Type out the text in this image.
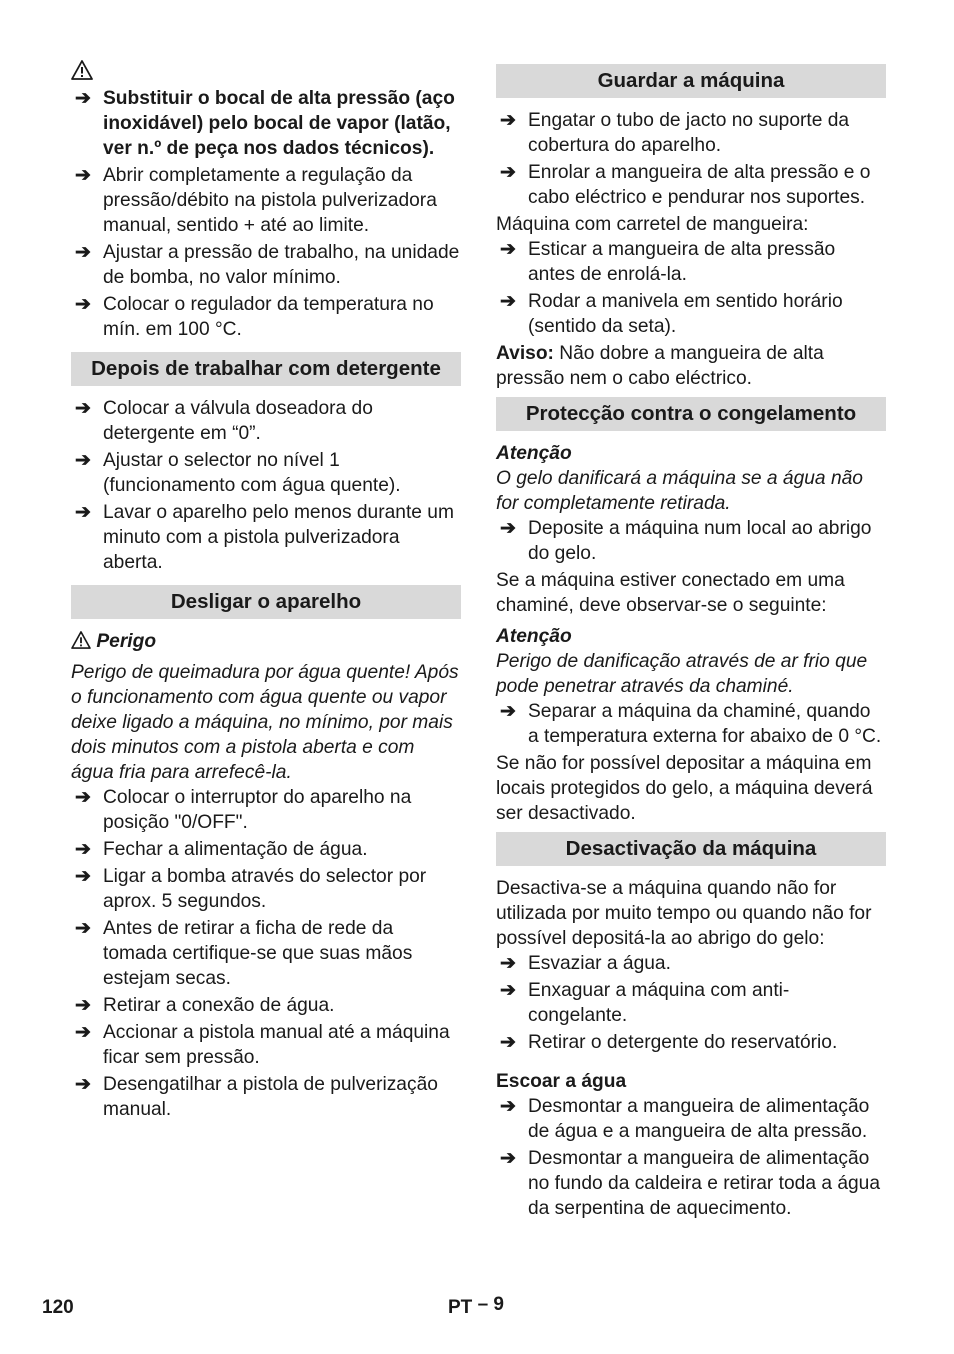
➔ Substituir o bocal de alta pressão (aço inoxidável) pelo bocal de vapor (latão, ver n.º de peça nos dados técnicos).
➔ Abrir completamente a regulação da pressão/débito na pistola pulverizadora manual, sentido + até ao limite.
➔ Ajustar a pressão de trabalho, na unidade de bomba, no valor mínimo.
➔ Colocar o regulador da temperatura no mín. em 100 °C.
Depois de trabalhar com detergente
➔ Colocar a válvula doseadora do detergente em “0”.
➔ Ajustar o selector no nível 1 (funcionamento com água quente).
➔ Lavar o aparelho pelo menos durante um minuto com a pistola pulverizadora aberta.
Desligar o aparelho
Perigo
Perigo de queimadura por água quente! Após o funcionamento com água quente ou vapor deixe ligado a máquina, no mínimo, por mais dois minutos com a pistola aberta e com água fria para arrefecê-la.
➔ Colocar o interruptor do aparelho na posição "0/OFF".
➔ Fechar a alimentação de água.
➔ Ligar a bomba através do selector por aprox. 5 segundos.
➔ Antes de retirar a ficha de rede da tomada certifique-se que suas mãos estejam secas.
➔ Retirar a conexão de água.
➔ Accionar a pistola manual até a máquina ficar sem pressão.
➔ Desengatilhar a pistola de pulverização manual.
Guardar a máquina
➔ Engatar o tubo de jacto no suporte da cobertura do aparelho.
➔ Enrolar a mangueira de alta pressão e o cabo eléctrico e pendurar nos suportes.
Máquina com carretel de mangueira:
➔ Esticar a mangueira de alta pressão antes de enrolá-la.
➔ Rodar a manivela em sentido horário (sentido da seta).
Aviso: Não dobre a mangueira de alta pressão nem o cabo eléctrico.
Protecção contra o congelamento
Atenção
O gelo danificará a máquina se a água não for completamente retirada.
➔ Deposite a máquina num local ao abrigo do gelo.
Se a máquina estiver conectado em uma chaminé, deve observar-se o seguinte:
Atenção
Perigo de danificação através de ar frio que pode penetrar através da chaminé.
➔ Separar a máquina da chaminé, quando a temperatura externa for abaixo de 0 °C.
Se não for possível depositar a máquina em locais protegidos do gelo, a máquina deverá ser desactivado.
Desactivação da máquina
Desactiva-se a máquina quando não for utilizada por muito tempo ou quando não for possível depositá-la ao abrigo do gelo:
➔ Esvaziar a água.
➔ Enxaguar a máquina com anti-congelante.
➔ Retirar o detergente do reservatório.
Escoar a água
➔ Desmontar a mangueira de alimentação de água e a mangueira de alta pressão.
➔ Desmontar a mangueira de alimentação no fundo da caldeira e retirar toda a água da serpentina de aquecimento.
120	PT – 9
